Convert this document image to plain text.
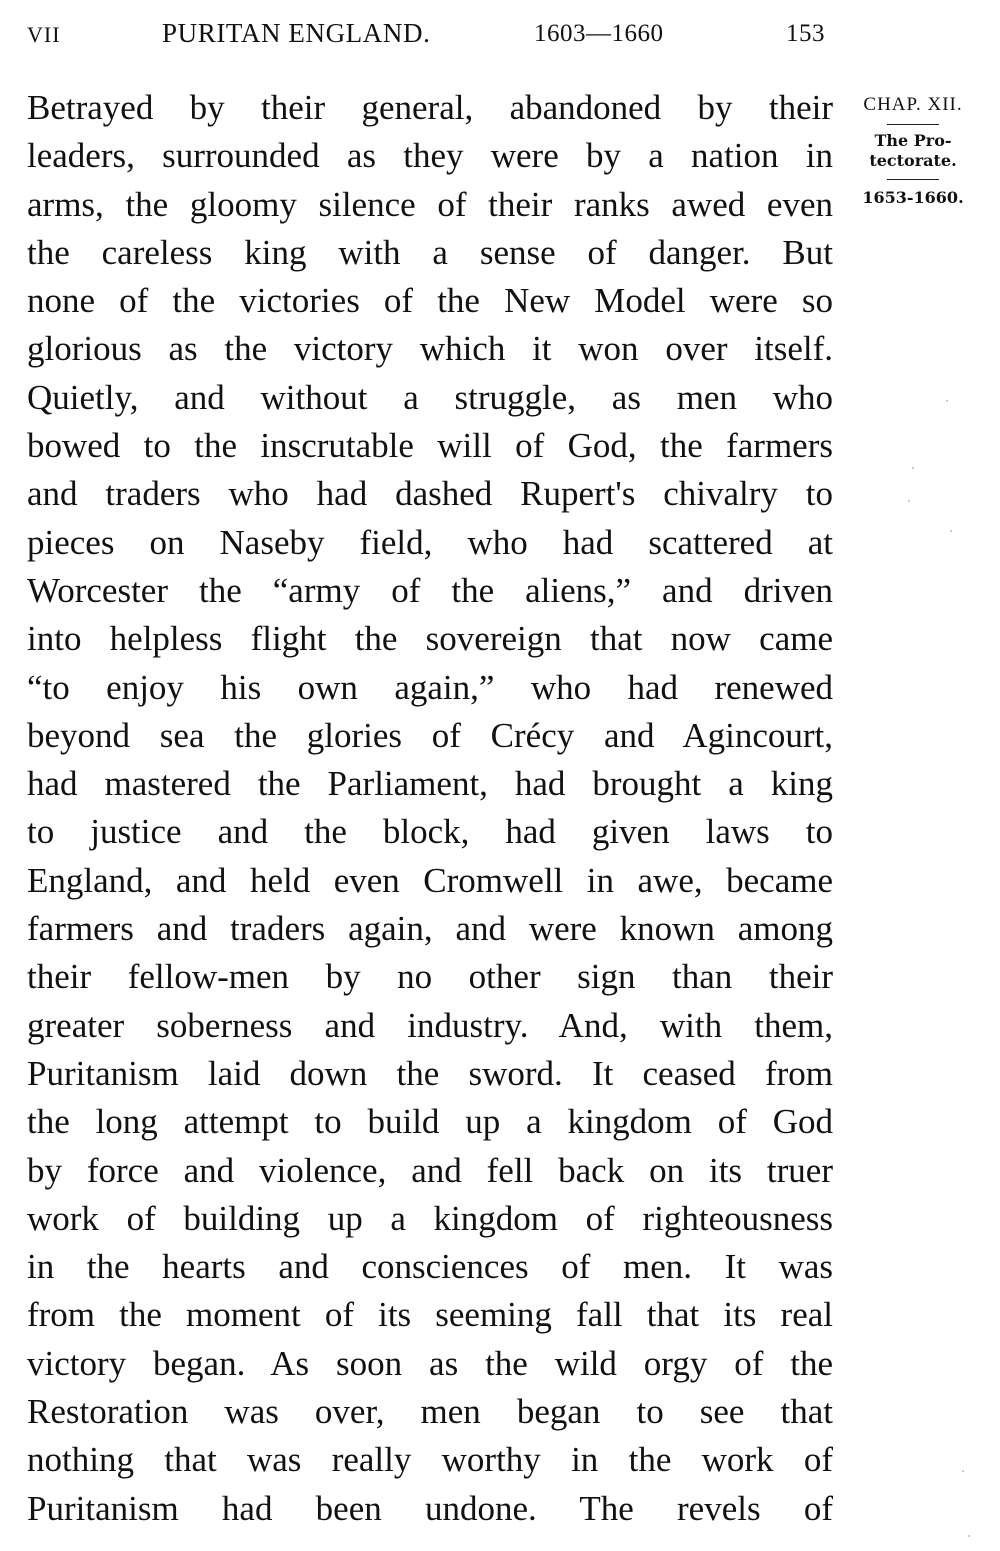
VII	PURITAN ENGLAND.	1603—1660	153
Betrayed by their general, abandoned by their
leaders, surrounded as they were by a nation in
arms, the gloomy silence of their ranks awed even
the careless king with a sense of danger. But
none of the victories of the New Model were so
glorious as the victory which it won over itself.
Quietly, and without a struggle, as men who
bowed to the inscrutable will of God, the farmers
and traders who had dashed Rupert's chivalry to
pieces on Naseby field, who had scattered at
Worcester the “army of the aliens,” and driven
into helpless flight the sovereign that now came
“to enjoy his own again,” who had renewed
beyond sea the glories of Crécy and Agincourt,
had mastered the Parliament, had brought a king
to justice and the block, had given laws to
England, and held even Cromwell in awe, became
farmers and traders again, and were known among
their fellow-men by no other sign than their
greater soberness and industry. And, with them,
Puritanism laid down the sword. It ceased from
the long attempt to build up a kingdom of God
by force and violence, and fell back on its truer
work of building up a kingdom of righteousness
in the hearts and consciences of men. It was
from the moment of its seeming fall that its real
victory began. As soon as the wild orgy of the
Restoration was over, men began to see that
nothing that was really worthy in the work of
Puritanism had been undone. The revels of
CHAP. XII.
The Pro-
tectorate.
1653-1660.
